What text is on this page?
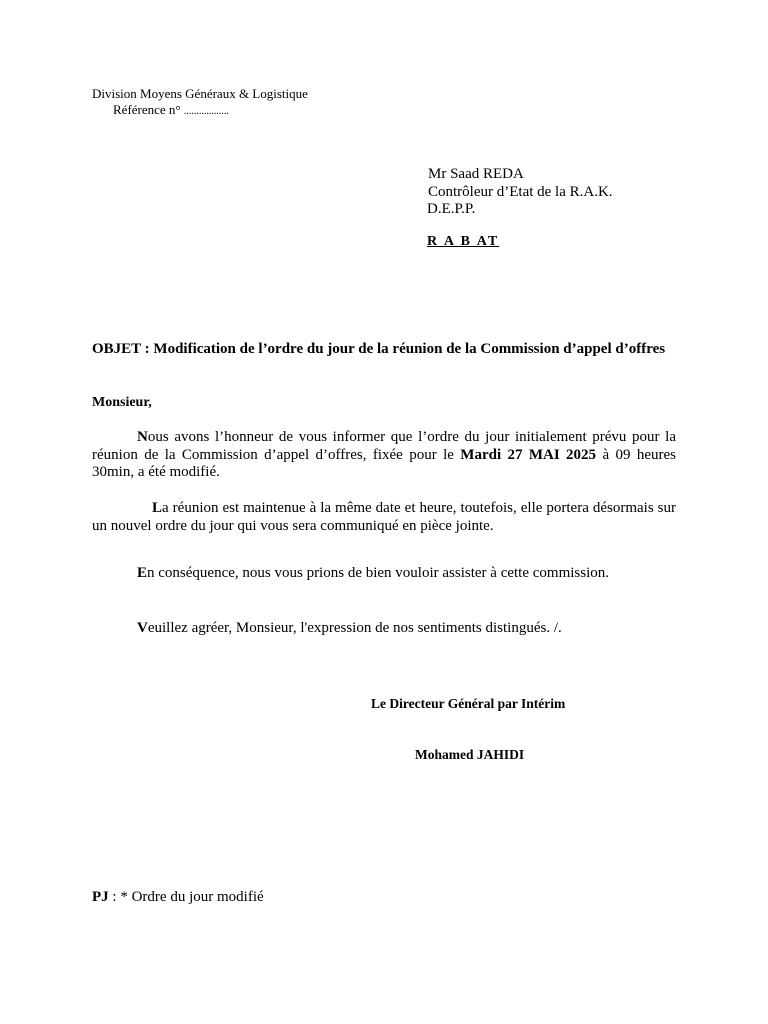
Division Moyens Généraux & Logistique
Référence n° ..................
Mr Saad REDA
Contrôleur d’Etat de la R.A.K.
D.E.P.P.
R A B AT
OBJET : Modification de l’ordre du jour de la réunion de la Commission d’appel d’offres
Monsieur,
Nous avons l’honneur de vous informer que l’ordre du jour initialement prévu pour la réunion de la Commission d’appel d’offres, fixée pour le Mardi 27 MAI 2025 à 09 heures 30min, a été modifié.
La réunion est maintenue à la même date et heure, toutefois, elle portera désormais sur un nouvel ordre du jour qui vous sera communiqué en pièce jointe.
En conséquence, nous vous prions de bien vouloir assister à cette commission.
Veuillez agréer, Monsieur, l'expression de nos sentiments distingués. /.
Le Directeur Général par Intérim
Mohamed JAHIDI
PJ : * Ordre du jour modifié
